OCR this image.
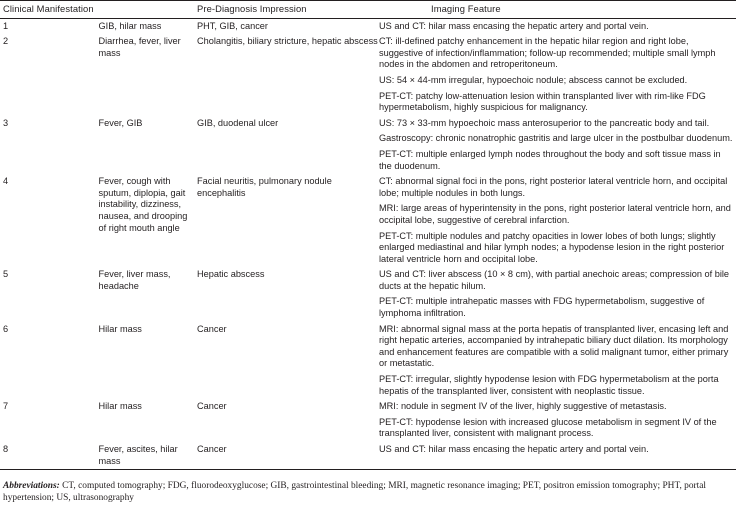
Clinical Manifestation		Pre-Diagnosis Impression	Imaging Feature
1	GIB, hilar mass	PHT, GIB, cancer	US and CT: hilar mass encasing the hepatic artery and portal vein.

2	Diarrhea, fever, liver mass	Cholangitis, biliary stricture, hepatic abscess	CT: ill-defined patchy enhancement in the hepatic hilar region and right lobe, suggestive of infection/inflammation; follow-up recommended; multiple small lymph nodes in the abdomen and retroperitoneum.
US: 54 × 44-mm irregular, hypoechoic nodule; abscess cannot be excluded.
PET-CT: patchy low-attenuation lesion within transplanted liver with rim-like FDG hypermetabolism, highly suspicious for malignancy.

3	Fever, GIB	GIB, duodenal ulcer	US: 73 × 33-mm hypoechoic mass anterosuperior to the pancreatic body and tail.
Gastroscopy: chronic nonatrophic gastritis and large ulcer in the postbulbar duodenum.
PET-CT: multiple enlarged lymph nodes throughout the body and soft tissue mass in the duodenum.

4	Fever, cough with sputum, diplopia, gait instability, dizziness, nausea, and drooping of right mouth angle	Facial neuritis, pulmonary nodule encephalitis	CT: abnormal signal foci in the pons, right posterior lateral ventricle horn, and occipital lobe; multiple nodules in both lungs.
MRI: large areas of hyperintensity in the pons, right posterior lateral ventricle horn, and occipital lobe, suggestive of cerebral infarction.
PET-CT: multiple nodules and patchy opacities in lower lobes of both lungs; slightly enlarged mediastinal and hilar lymph nodes; a hypodense lesion in the right posterior lateral ventricle horn and occipital lobe.

5	Fever, liver mass, headache	Hepatic abscess	US and CT: liver abscess (10 × 8 cm), with partial anechoic areas; compression of bile ducts at the hepatic hilum.
PET-CT: multiple intrahepatic masses with FDG hypermetabolism, suggestive of lymphoma infiltration.

6	Hilar mass	Cancer	MRI: abnormal signal mass at the porta hepatis of transplanted liver, encasing left and right hepatic arteries, accompanied by intrahepatic biliary duct dilation. Its morphology and enhancement features are compatible with a solid malignant tumor, either primary or metastatic.
PET-CT: irregular, slightly hypodense lesion with FDG hypermetabolism at the porta hepatis of the transplanted liver, consistent with neoplastic tissue.

7	Hilar mass	Cancer	MRI: nodule in segment IV of the liver, highly suggestive of metastasis.
PET-CT: hypodense lesion with increased glucose metabolism in segment IV of the transplanted liver, consistent with malignant process.

8	Fever, ascites, hilar mass	Cancer	US and CT: hilar mass encasing the hepatic artery and portal vein.
Abbreviations: CT, computed tomography; FDG, fluorodeoxyglucose; GIB, gastrointestinal bleeding; MRI, magnetic resonance imaging; PET, positron emission tomography; PHT, portal hypertension; US, ultrasonography
